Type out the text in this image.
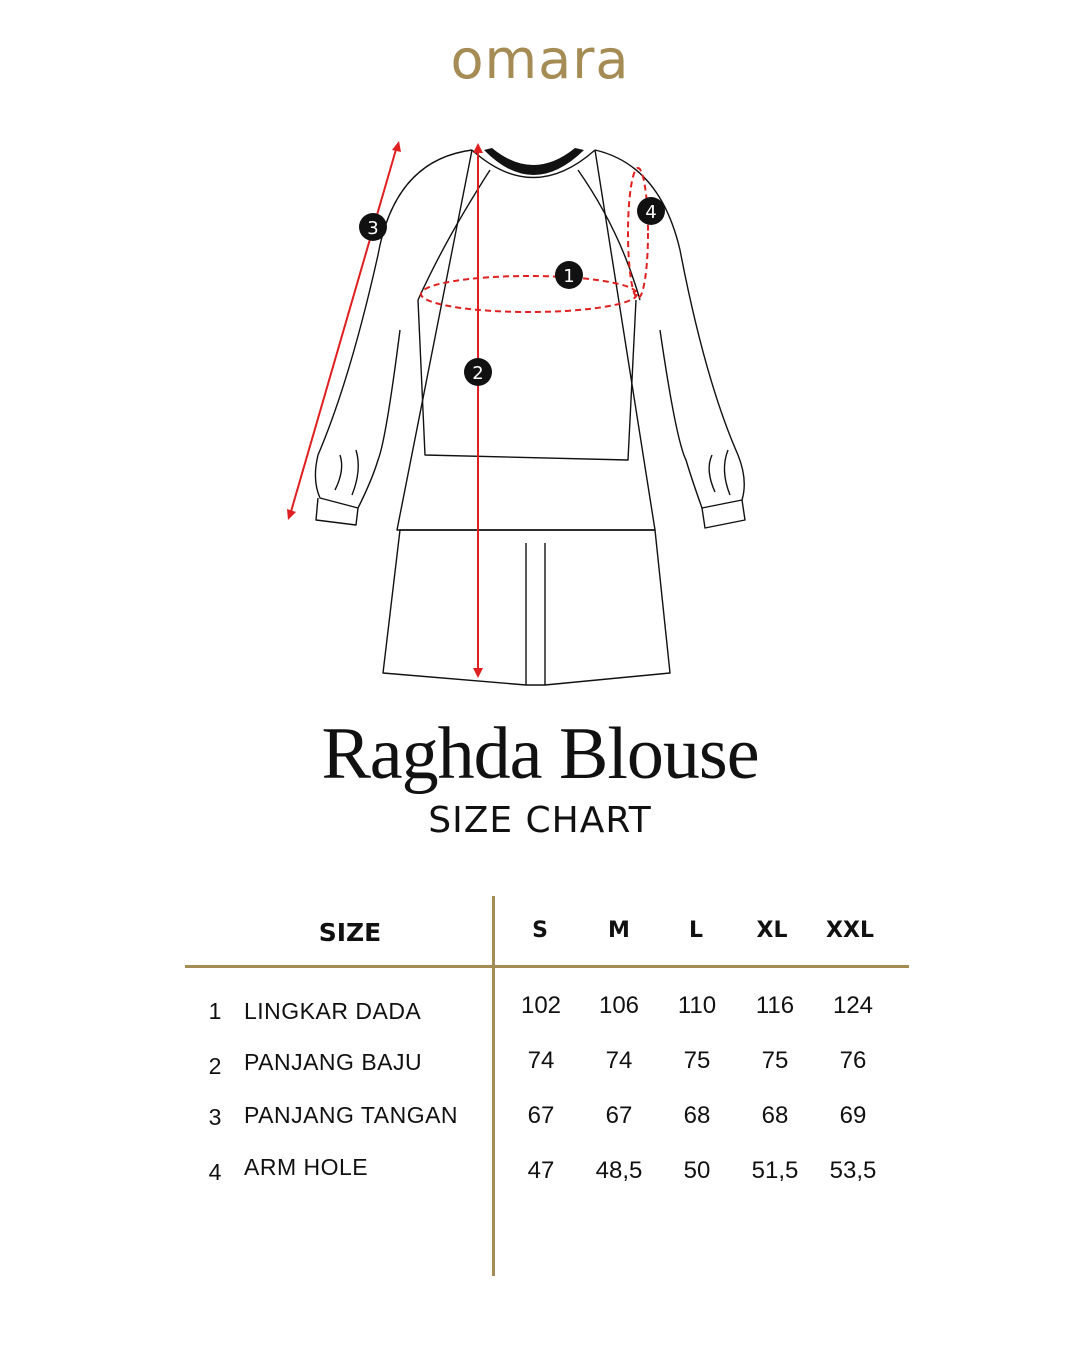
omara
1
2
3
4
Raghda Blouse
SIZE CHART
SIZE	S	M	L	XL	XXL
1 LINGKAR DADA	102	106	110	116	124
2 PANJANG BAJU	74	74	75	75	76
3 PANJANG TANGAN	67	67	68	68	69
4 ARM HOLE	47	48,5	50	51,5	53,5
